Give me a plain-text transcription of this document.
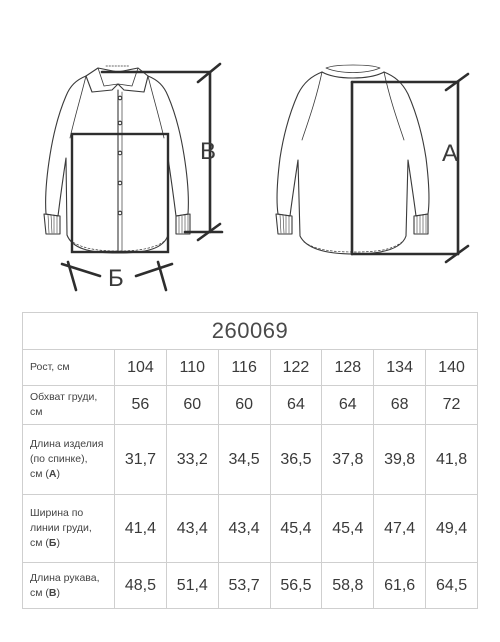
В
Б
А
260069							

Рост, см	104	110	116	122	128	134	140

Обхват груди,
см	56	60	60	64	64	68	72

Длина изделия
(по спинке),
см (А)	31,7	33,2	34,5	36,5	37,8	39,8	41,8

Ширина по
линии груди,
см (Б)	41,4	43,4	43,4	45,4	45,4	47,4	49,4

Длина рукава,
см (В)	48,5	51,4	53,7	56,5	58,8	61,6	64,5
